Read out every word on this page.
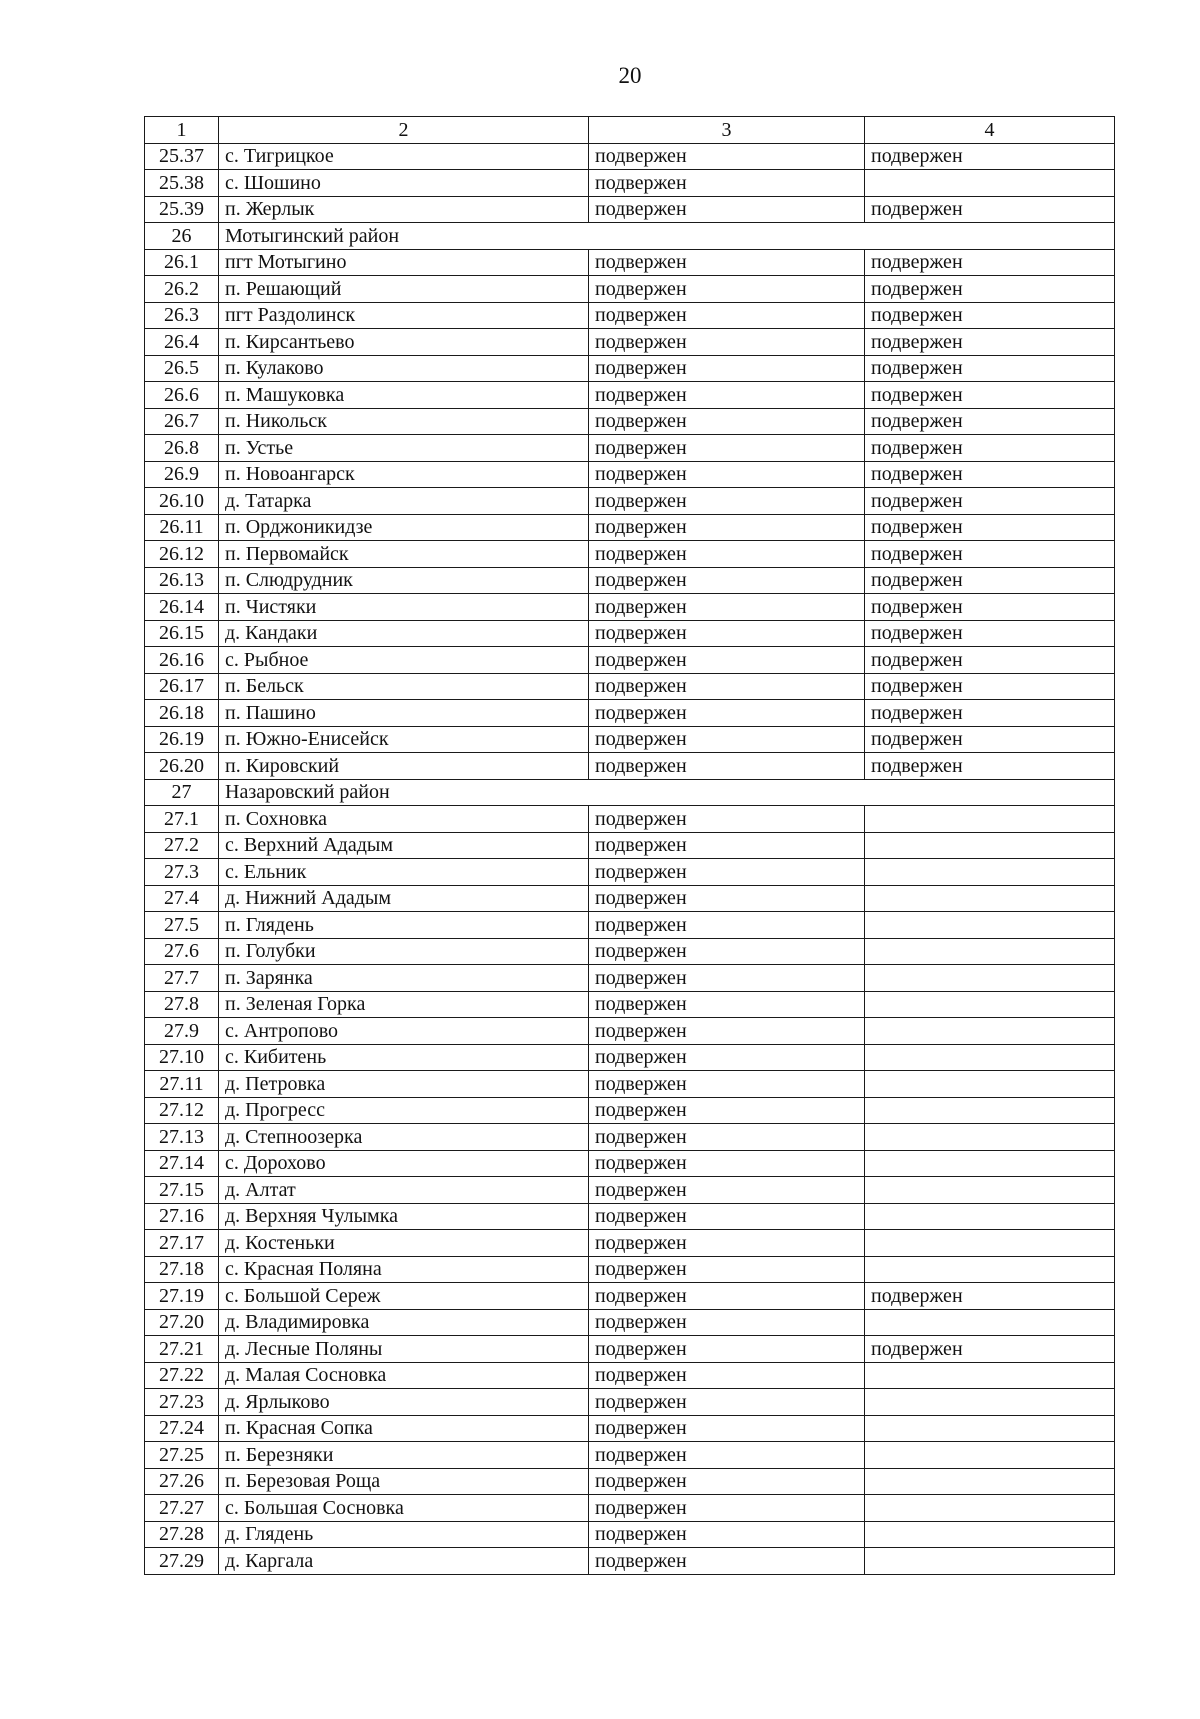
20
1	2	3	4
25.37	с. Тигрицкое	подвержен	подвержен
25.38	с. Шошино	подвержен	
25.39	п. Жерлык	подвержен	подвержен
26	Мотыгинский район		
26.1	пгт Мотыгино	подвержен	подвержен
26.2	п. Решающий	подвержен	подвержен
26.3	пгт Раздолинск	подвержен	подвержен
26.4	п. Кирсантьево	подвержен	подвержен
26.5	п. Кулаково	подвержен	подвержен
26.6	п. Машуковка	подвержен	подвержен
26.7	п. Никольск	подвержен	подвержен
26.8	п. Устье	подвержен	подвержен
26.9	п. Новоангарск	подвержен	подвержен
26.10	д. Татарка	подвержен	подвержен
26.11	п. Орджоникидзе	подвержен	подвержен
26.12	п. Первомайск	подвержен	подвержен
26.13	п. Слюдрудник	подвержен	подвержен
26.14	п. Чистяки	подвержен	подвержен
26.15	д. Кандаки	подвержен	подвержен
26.16	с. Рыбное	подвержен	подвержен
26.17	п. Бельск	подвержен	подвержен
26.18	п. Пашино	подвержен	подвержен
26.19	п. Южно-Енисейск	подвержен	подвержен
26.20	п. Кировский	подвержен	подвержен
27	Назаровский район		
27.1	п. Сохновка	подвержен	
27.2	с. Верхний Ададым	подвержен	
27.3	с. Ельник	подвержен	
27.4	д. Нижний Ададым	подвержен	
27.5	п. Глядень	подвержен	
27.6	п. Голубки	подвержен	
27.7	п. Зарянка	подвержен	
27.8	п. Зеленая Горка	подвержен	
27.9	с. Антропово	подвержен	
27.10	с. Кибитень	подвержен	
27.11	д. Петровка	подвержен	
27.12	д. Прогресс	подвержен	
27.13	д. Степноозерка	подвержен	
27.14	с. Дорохово	подвержен	
27.15	д. Алтат	подвержен	
27.16	д. Верхняя Чулымка	подвержен	
27.17	д. Костеньки	подвержен	
27.18	с. Красная Поляна	подвержен	
27.19	с. Большой Сереж	подвержен	подвержен
27.20	д. Владимировка	подвержен	
27.21	д. Лесные Поляны	подвержен	подвержен
27.22	д. Малая Сосновка	подвержен	
27.23	д. Ярлыково	подвержен	
27.24	п. Красная Сопка	подвержен	
27.25	п. Березняки	подвержен	
27.26	п. Березовая Роща	подвержен	
27.27	с. Большая Сосновка	подвержен	
27.28	д. Глядень	подвержен	
27.29	д. Каргала	подвержен	
